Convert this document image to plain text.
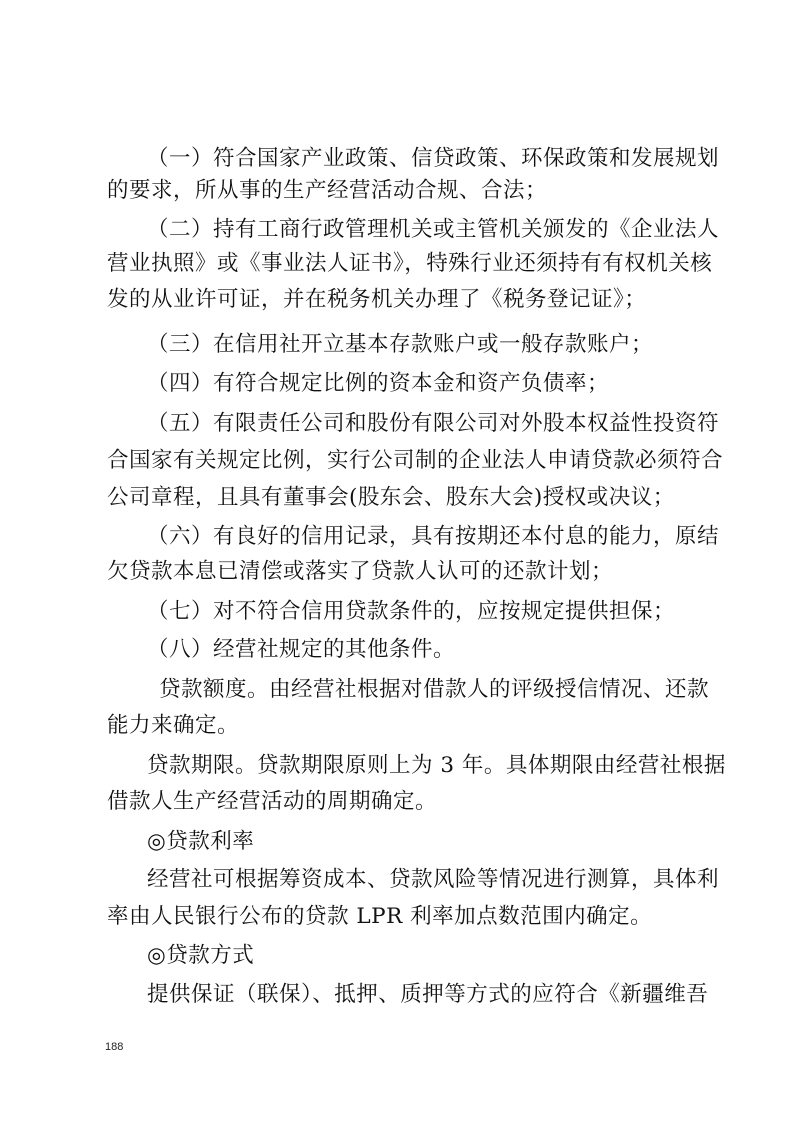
（一）符合国家产业政策、信贷政策、环保政策和发展规划
的要求，所从事的生产经营活动合规、合法；
（二）持有工商行政管理机关或主管机关颁发的《企业法人
营业执照》或《事业法人证书》，特殊行业还须持有有权机关核
发的从业许可证，并在税务机关办理了《税务登记证》；
（三）在信用社开立基本存款账户或一般存款账户；
（四）有符合规定比例的资本金和资产负债率；
（五）有限责任公司和股份有限公司对外股本权益性投资符
合国家有关规定比例，实行公司制的企业法人申请贷款必须符合
公司章程，且具有董事会(股东会、股东大会)授权或决议；
（六）有良好的信用记录，具有按期还本付息的能力，原结
欠贷款本息已清偿或落实了贷款人认可的还款计划；
（七）对不符合信用贷款条件的，应按规定提供担保；
（八）经营社规定的其他条件。
贷款额度。由经营社根据对借款人的评级授信情况、还款
能力来确定。
贷款期限。贷款期限原则上为 3 年。具体期限由经营社根据
借款人生产经营活动的周期确定。
◎贷款利率
经营社可根据筹资成本、贷款风险等情况进行测算，具体利
率由人民银行公布的贷款 LPR 利率加点数范围内确定。
◎贷款方式
提供保证（联保）、抵押、质押等方式的应符合《新疆维吾
188
